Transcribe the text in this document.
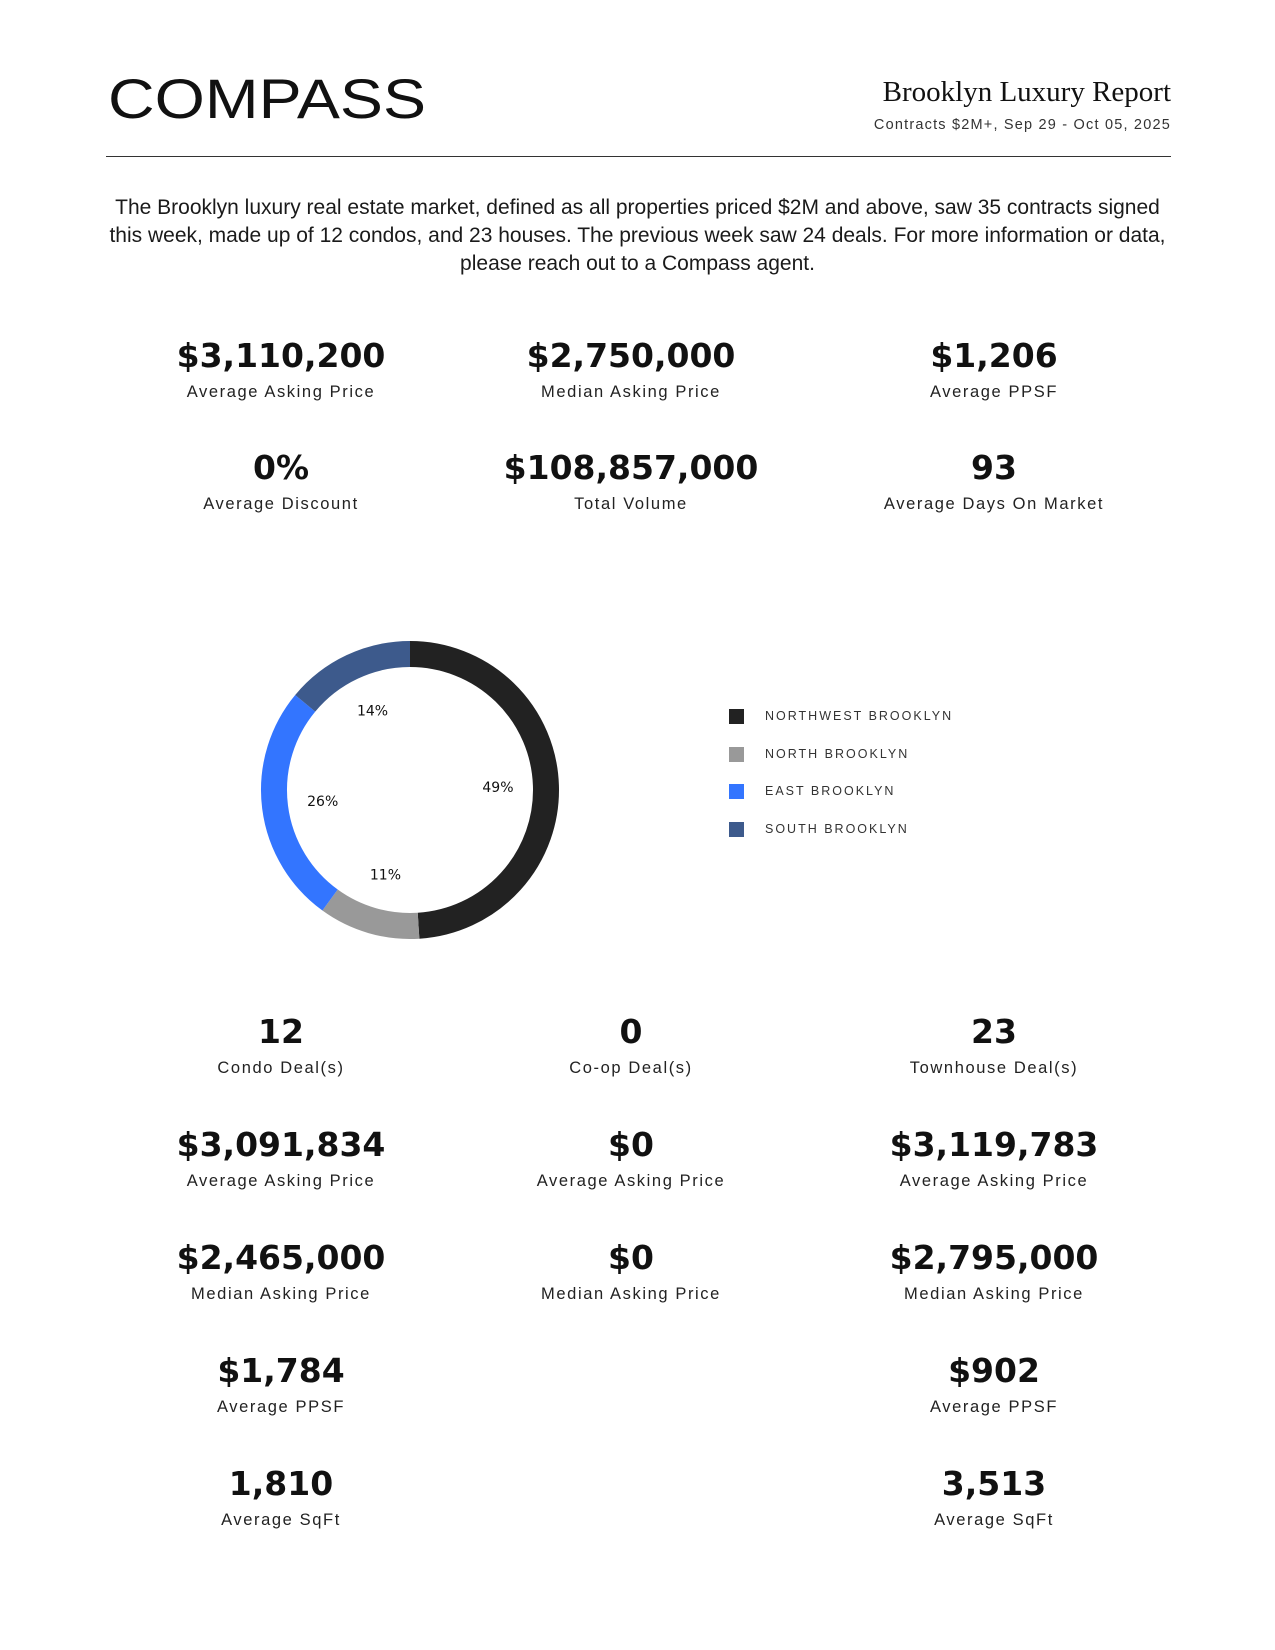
COMPASS	Brooklyn Luxury Report
Contracts $2M+, Sep 29 - Oct 05, 2025
The Brooklyn luxury real estate market, defined as all properties priced $2M and above, saw 35 contracts signed this week, made up of 12 condos, and 23 houses. The previous week saw 24 deals. For more information or data, please reach out to a Compass agent.
$3,110,200
Average Asking Price
$2,750,000
Median Asking Price
$1,206
Average PPSF
0%
Average Discount
$108,857,000
Total Volume
93
Average Days On Market
49%
11%
26%
14%	NORTHWEST BROOKLYN
NORTH BROOKLYN
EAST BROOKLYN
SOUTH BROOKLYN
12
Condo Deal(s)
$3,091,834
Average Asking Price
$2,465,000
Median Asking Price
$1,784
Average PPSF
1,810
Average SqFt
0
Co-op Deal(s)
$0
Average Asking Price
$0
Median Asking Price
23
Townhouse Deal(s)
$3,119,783
Average Asking Price
$2,795,000
Median Asking Price
$902
Average PPSF
3,513
Average SqFt
